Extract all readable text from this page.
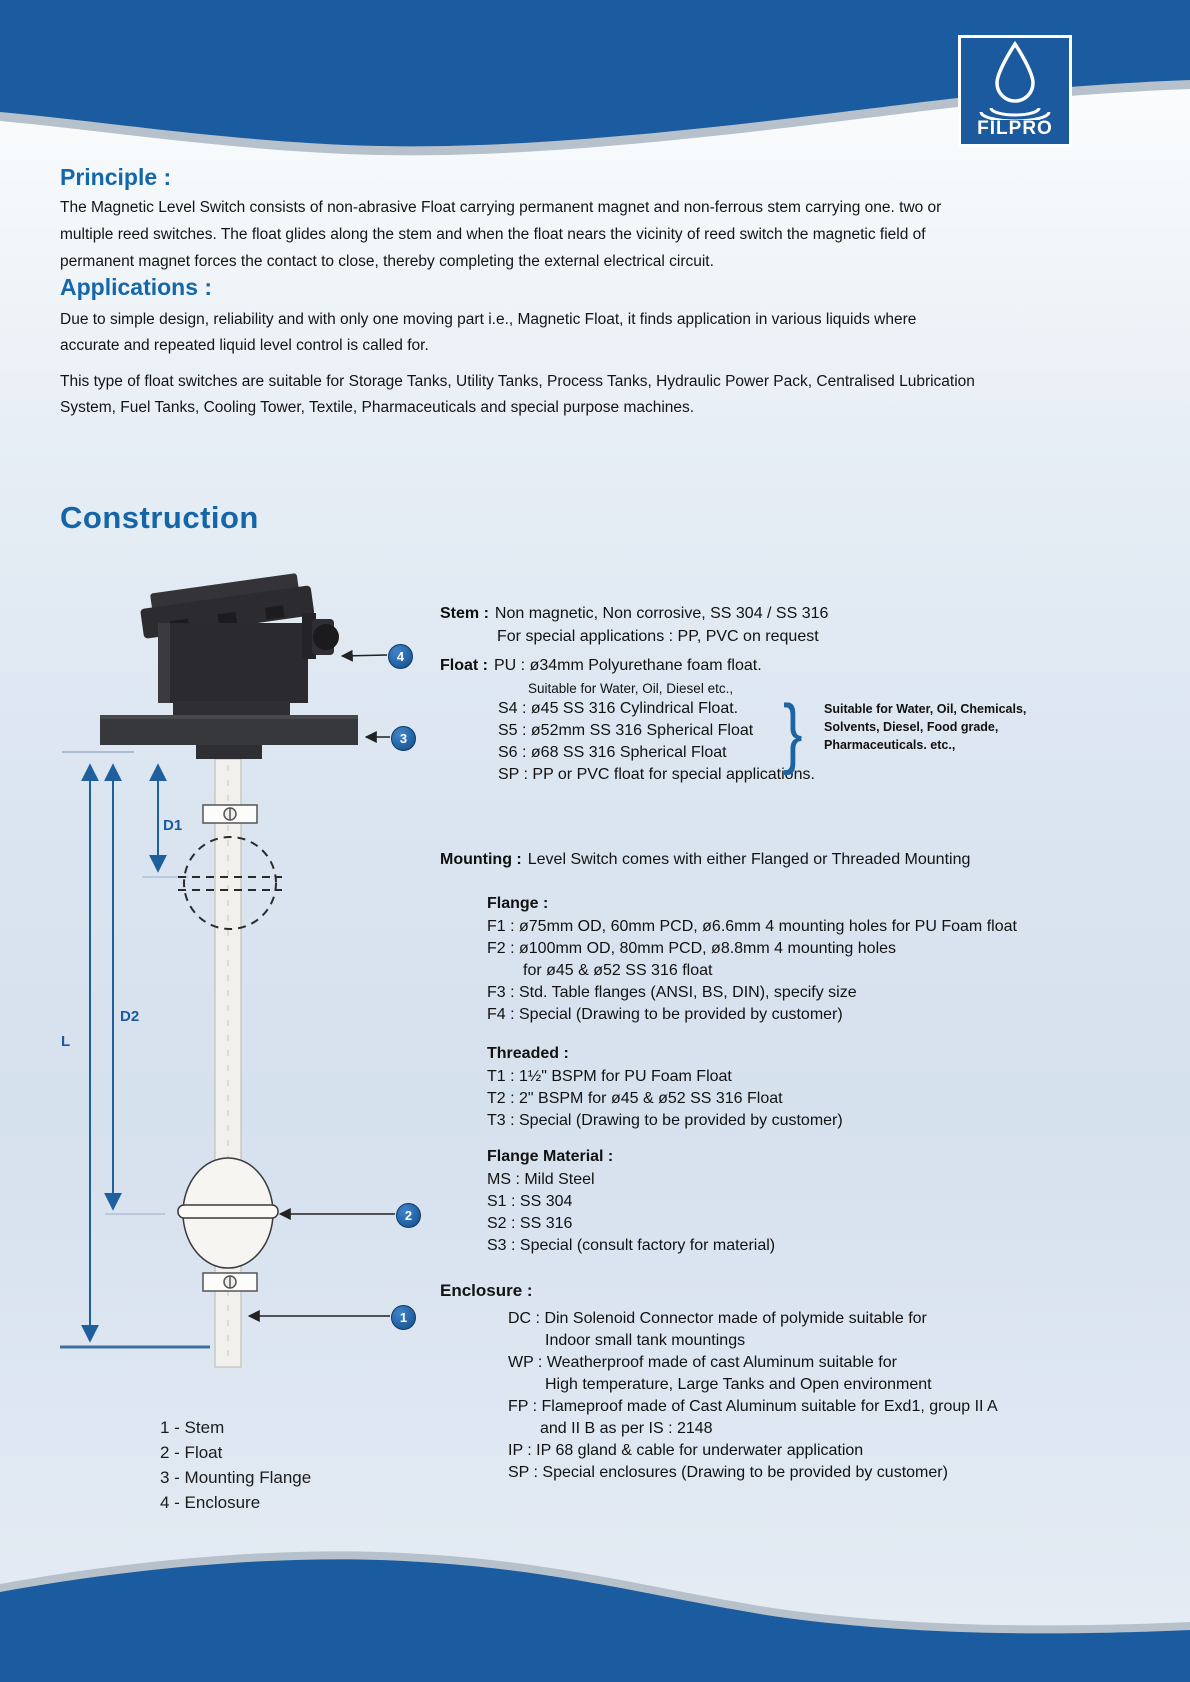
FILPRO
Principle :
The Magnetic Level Switch consists of non-abrasive Float carrying permanent magnet and non-ferrous stem carrying one. two or
multiple reed switches. The float glides along the stem and when the float nears the vicinity of reed switch the magnetic field of
permanent magnet forces the contact to close, thereby completing the external electrical circuit.
Applications :
Due to simple design, reliability and with only one moving part i.e., Magnetic Float, it finds application in various liquids where
accurate and repeated liquid level control is called for.
This type of float switches are suitable for Storage Tanks, Utility Tanks, Process Tanks, Hydraulic Power Pack, Centralised Lubrication
System, Fuel Tanks, Cooling Tower, Textile, Pharmaceuticals and special purpose machines.
Construction
4
3
2
1
D1
D2
L
Stem : Non magnetic, Non corrosive, SS 304 / SS 316
For special applications : PP, PVC on request
Float : PU : ø34mm Polyurethane foam float.
Suitable for Water, Oil, Diesel etc.,
S4 : ø45 SS 316 Cylindrical Float.
S5 : ø52mm SS 316 Spherical Float
S6 : ø68 SS 316 Spherical Float
SP : PP or PVC float for special applications.
} Suitable for Water, Oil, Chemicals,
Solvents, Diesel, Food grade,
Pharmaceuticals. etc.,
Mounting : Level Switch comes with either Flanged or Threaded Mounting
Flange :
F1 : ø75mm OD, 60mm PCD, ø6.6mm 4 mounting holes for PU Foam float
F2 : ø100mm OD, 80mm PCD, ø8.8mm 4 mounting holes
for ø45 & ø52 SS 316 float
F3 : Std. Table flanges (ANSI, BS, DIN), specify size
F4 : Special (Drawing to be provided by customer)
Threaded :
T1 : 1½" BSPM for PU Foam Float
T2 : 2" BSPM for ø45 & ø52 SS 316 Float
T3 : Special (Drawing to be provided by customer)
Flange Material :
MS : Mild Steel
S1 : SS 304
S2 : SS 316
S3 : Special (consult factory for material)
Enclosure :
DC : Din Solenoid Connector made of polymide suitable for
Indoor small tank mountings
WP : Weatherproof made of cast Aluminum suitable for
High temperature, Large Tanks and Open environment
FP : Flameproof made of Cast Aluminum suitable for Exd1, group II A
and II B as per IS : 2148
IP : IP 68 gland & cable for underwater application
SP : Special enclosures (Drawing to be provided by customer)
1 - Stem
2 - Float
3 - Mounting Flange
4 - Enclosure
